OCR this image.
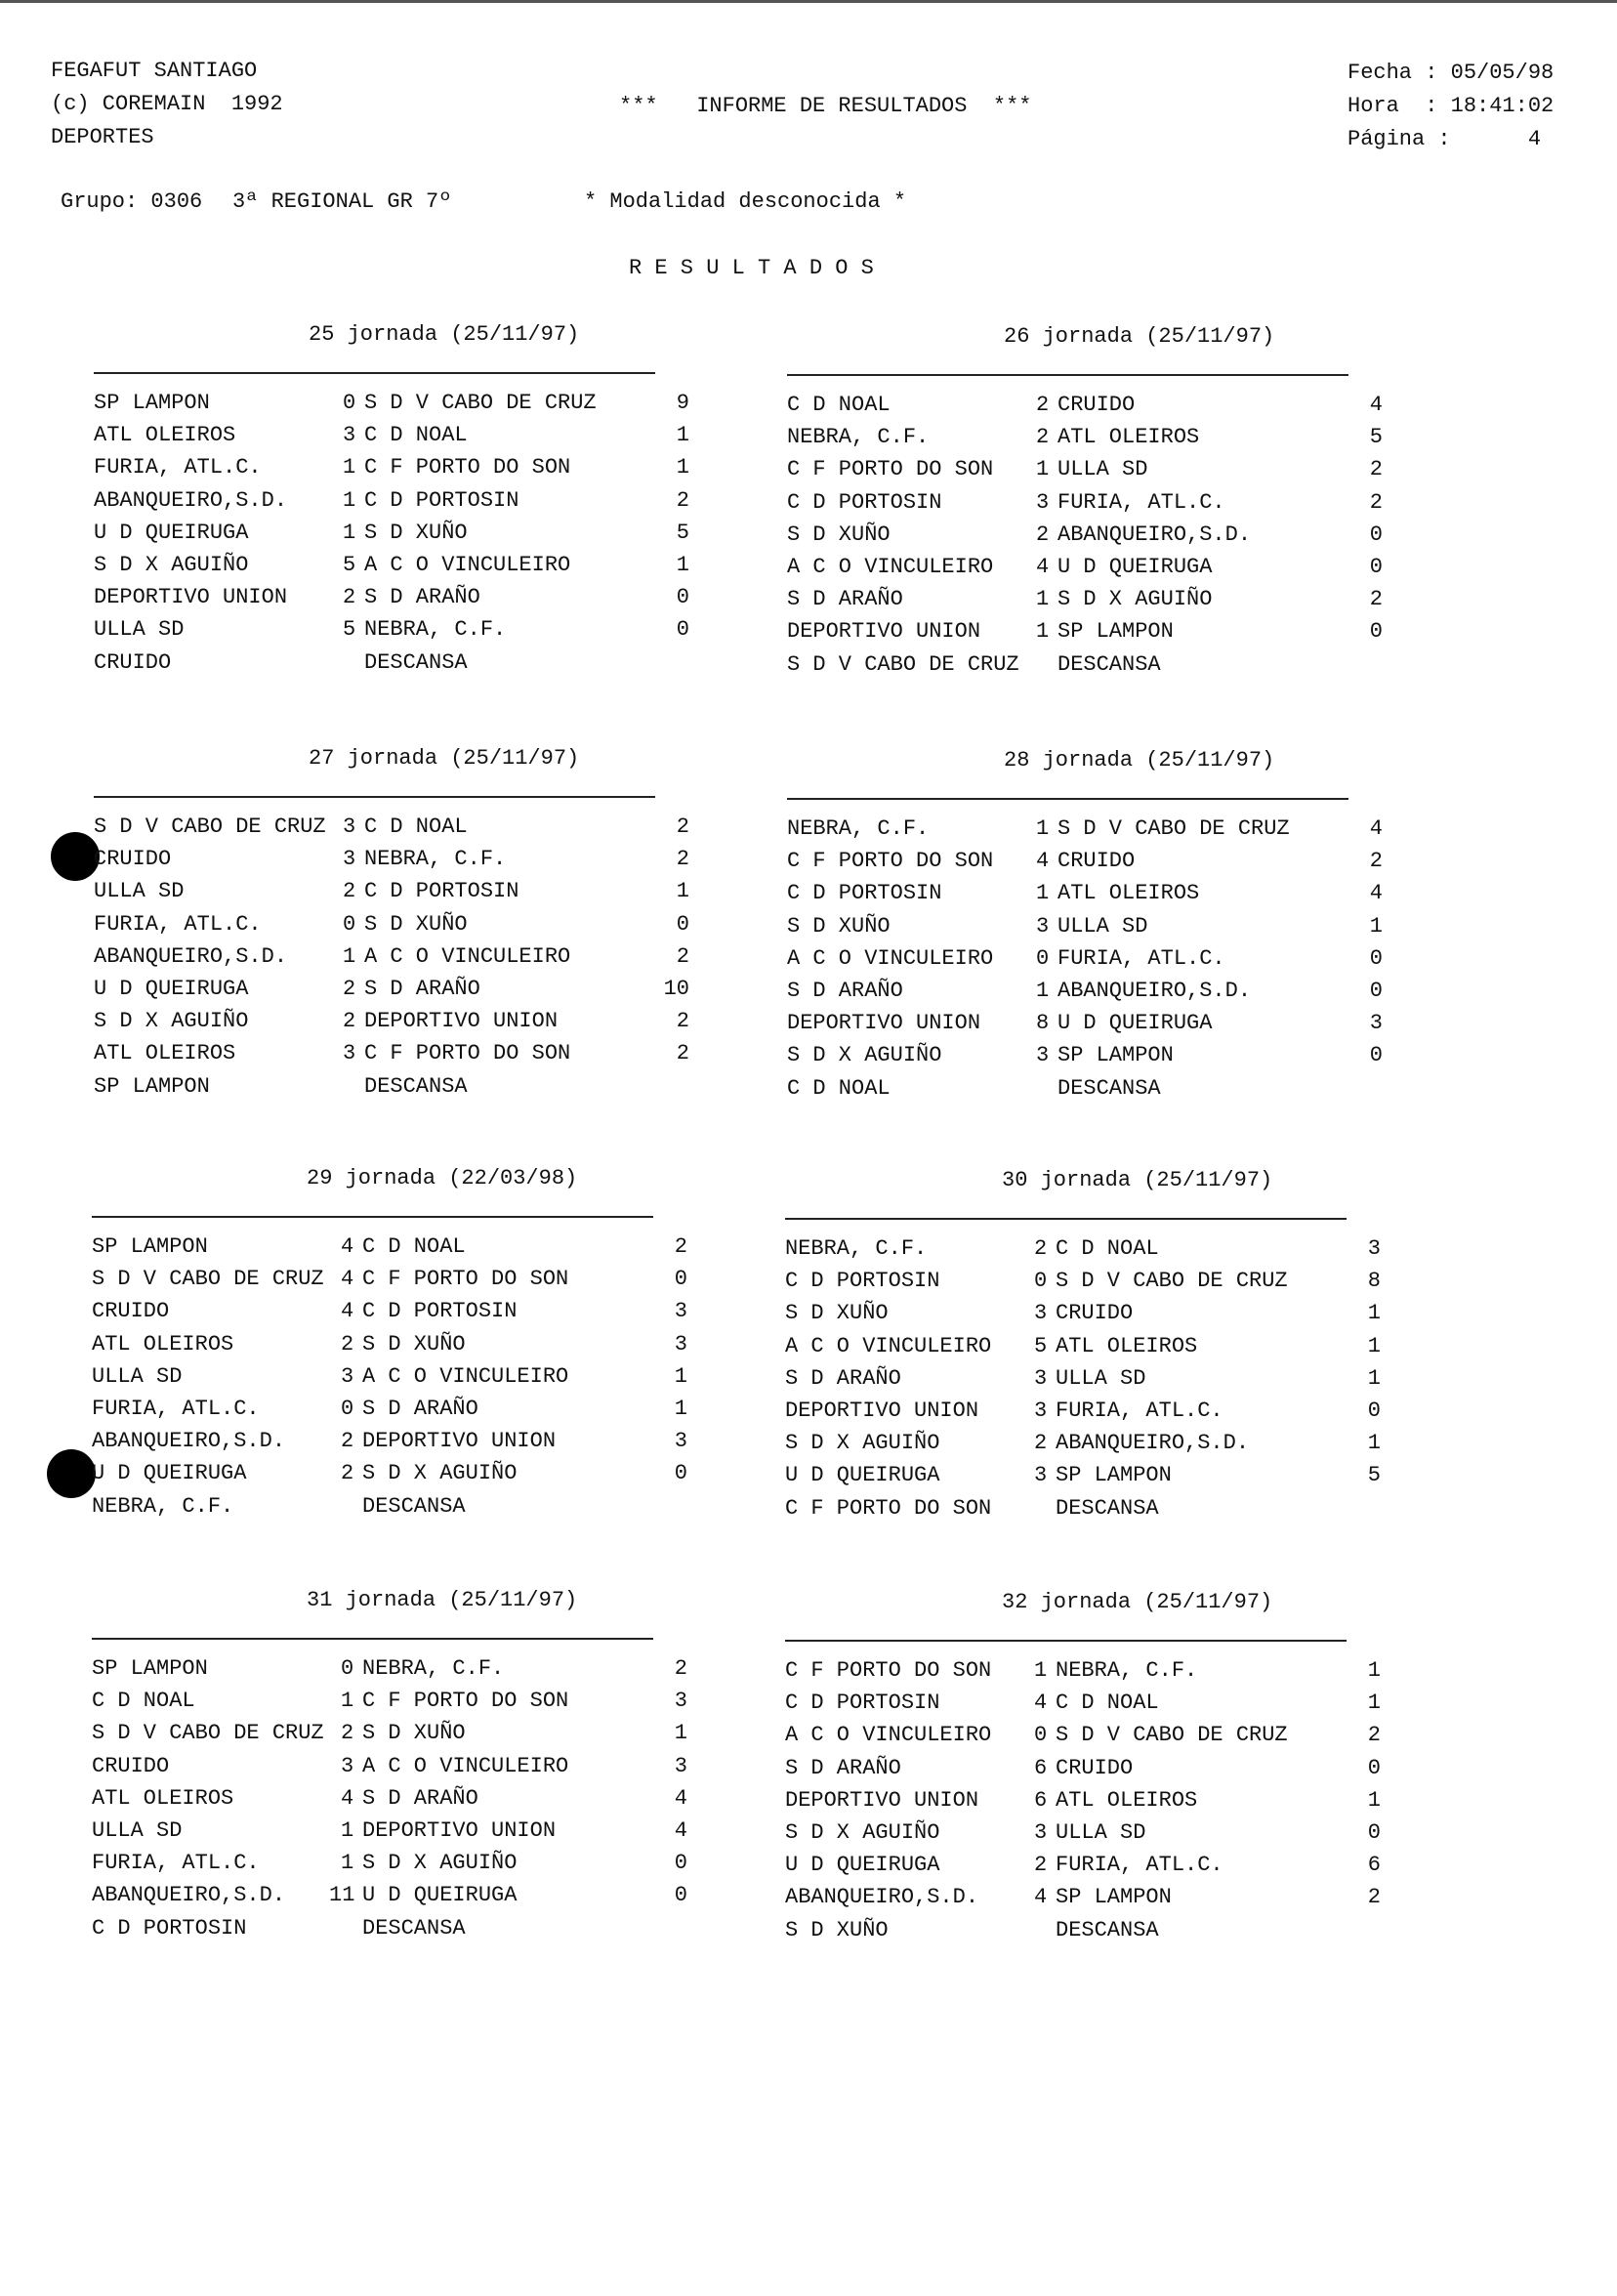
FEGAFUT SANTIAGO
(c) COREMAIN  1992
DEPORTES
***   INFORME DE RESULTADOS  ***
Fecha : 05/05/98
Hora  : 18:41:02
Página :      4
Grupo: 0306 3ª REGIONAL GR 7º	* Modalidad desconocida *
R E S U L T A D O S
25 jornada (25/11/97)
SP LAMPON	0 S D V CABO DE CRUZ	9
ATL OLEIROS	3 C D NOAL	1
FURIA, ATL.C.	1 C F PORTO DO SON	1
ABANQUEIRO,S.D.	1 C D PORTOSIN	2
U D QUEIRUGA	1 S D XUÑO	5
S D X AGUIÑO	5 A C O VINCULEIRO	1
DEPORTIVO UNION	2 S D ARAÑO	0
ULLA SD	5 NEBRA, C.F.	0
CRUIDO	DESCANSA
26 jornada (25/11/97)
C D NOAL	2 CRUIDO	4
NEBRA, C.F.	2 ATL OLEIROS	5
C F PORTO DO SON 1 ULLA SD	2
C D PORTOSIN	3 FURIA, ATL.C.	2
S D XUÑO	2 ABANQUEIRO,S.D.	0
A C O VINCULEIRO 4 U D QUEIRUGA	0
S D ARAÑO	1 S D X AGUIÑO	2
DEPORTIVO UNION	1 SP LAMPON	0
S D V CABO DE CRUZ DESCANSA
27 jornada (25/11/97)
S D V CABO DE CRUZ 3 C D NOAL	2
CRUIDO	3 NEBRA, C.F.	2
ULLA SD	2 C D PORTOSIN	1
FURIA, ATL.C.	0 S D XUÑO	0
ABANQUEIRO,S.D.	1 A C O VINCULEIRO	2
U D QUEIRUGA	2 S D ARAÑO	10
S D X AGUIÑO	2 DEPORTIVO UNION	2
ATL OLEIROS	3 C F PORTO DO SON	2
SP LAMPON	DESCANSA
28 jornada (25/11/97)
NEBRA, C.F.	1 S D V CABO DE CRUZ	4
C F PORTO DO SON 4 CRUIDO	2
C D PORTOSIN	1 ATL OLEIROS	4
S D XUÑO	3 ULLA SD	1
A C O VINCULEIRO 0 FURIA, ATL.C.	0
S D ARAÑO	1 ABANQUEIRO,S.D.	0
DEPORTIVO UNION	8 U D QUEIRUGA	3
S D X AGUIÑO	3 SP LAMPON	0
C D NOAL	DESCANSA
29 jornada (22/03/98)
SP LAMPON	4 C D NOAL	2
S D V CABO DE CRUZ 4 C F PORTO DO SON	0
CRUIDO	4 C D PORTOSIN	3
ATL OLEIROS	2 S D XUÑO	3
ULLA SD	3 A C O VINCULEIRO	1
FURIA, ATL.C.	0 S D ARAÑO	1
ABANQUEIRO,S.D.	2 DEPORTIVO UNION	3
U D QUEIRUGA	2 S D X AGUIÑO	0
NEBRA, C.F.	DESCANSA
30 jornada (25/11/97)
NEBRA, C.F.	2 C D NOAL	3
C D PORTOSIN	0 S D V CABO DE CRUZ	8
S D XUÑO	3 CRUIDO	1
A C O VINCULEIRO 5 ATL OLEIROS	1
S D ARAÑO	3 ULLA SD	1
DEPORTIVO UNION	3 FURIA, ATL.C.	0
S D X AGUIÑO	2 ABANQUEIRO,S.D.	1
U D QUEIRUGA	3 SP LAMPON	5
C F PORTO DO SON	DESCANSA
31 jornada (25/11/97)
SP LAMPON	0 NEBRA, C.F.	2
C D NOAL	1 C F PORTO DO SON	3
S D V CABO DE CRUZ 2 S D XUÑO	1
CRUIDO	3 A C O VINCULEIRO	3
ATL OLEIROS	4 S D ARAÑO	4
ULLA SD	1 DEPORTIVO UNION	4
FURIA, ATL.C.	1 S D X AGUIÑO	0
ABANQUEIRO,S.D. 11 U D QUEIRUGA	0
C D PORTOSIN	DESCANSA
32 jornada (25/11/97)
C F PORTO DO SON 1 NEBRA, C.F.	1
C D PORTOSIN	4 C D NOAL	1
A C O VINCULEIRO 0 S D V CABO DE CRUZ	2
S D ARAÑO	6 CRUIDO	0
DEPORTIVO UNION	6 ATL OLEIROS	1
S D X AGUIÑO	3 ULLA SD	0
U D QUEIRUGA	2 FURIA, ATL.C.	6
ABANQUEIRO,S.D.	4 SP LAMPON	2
S D XUÑO	DESCANSA
